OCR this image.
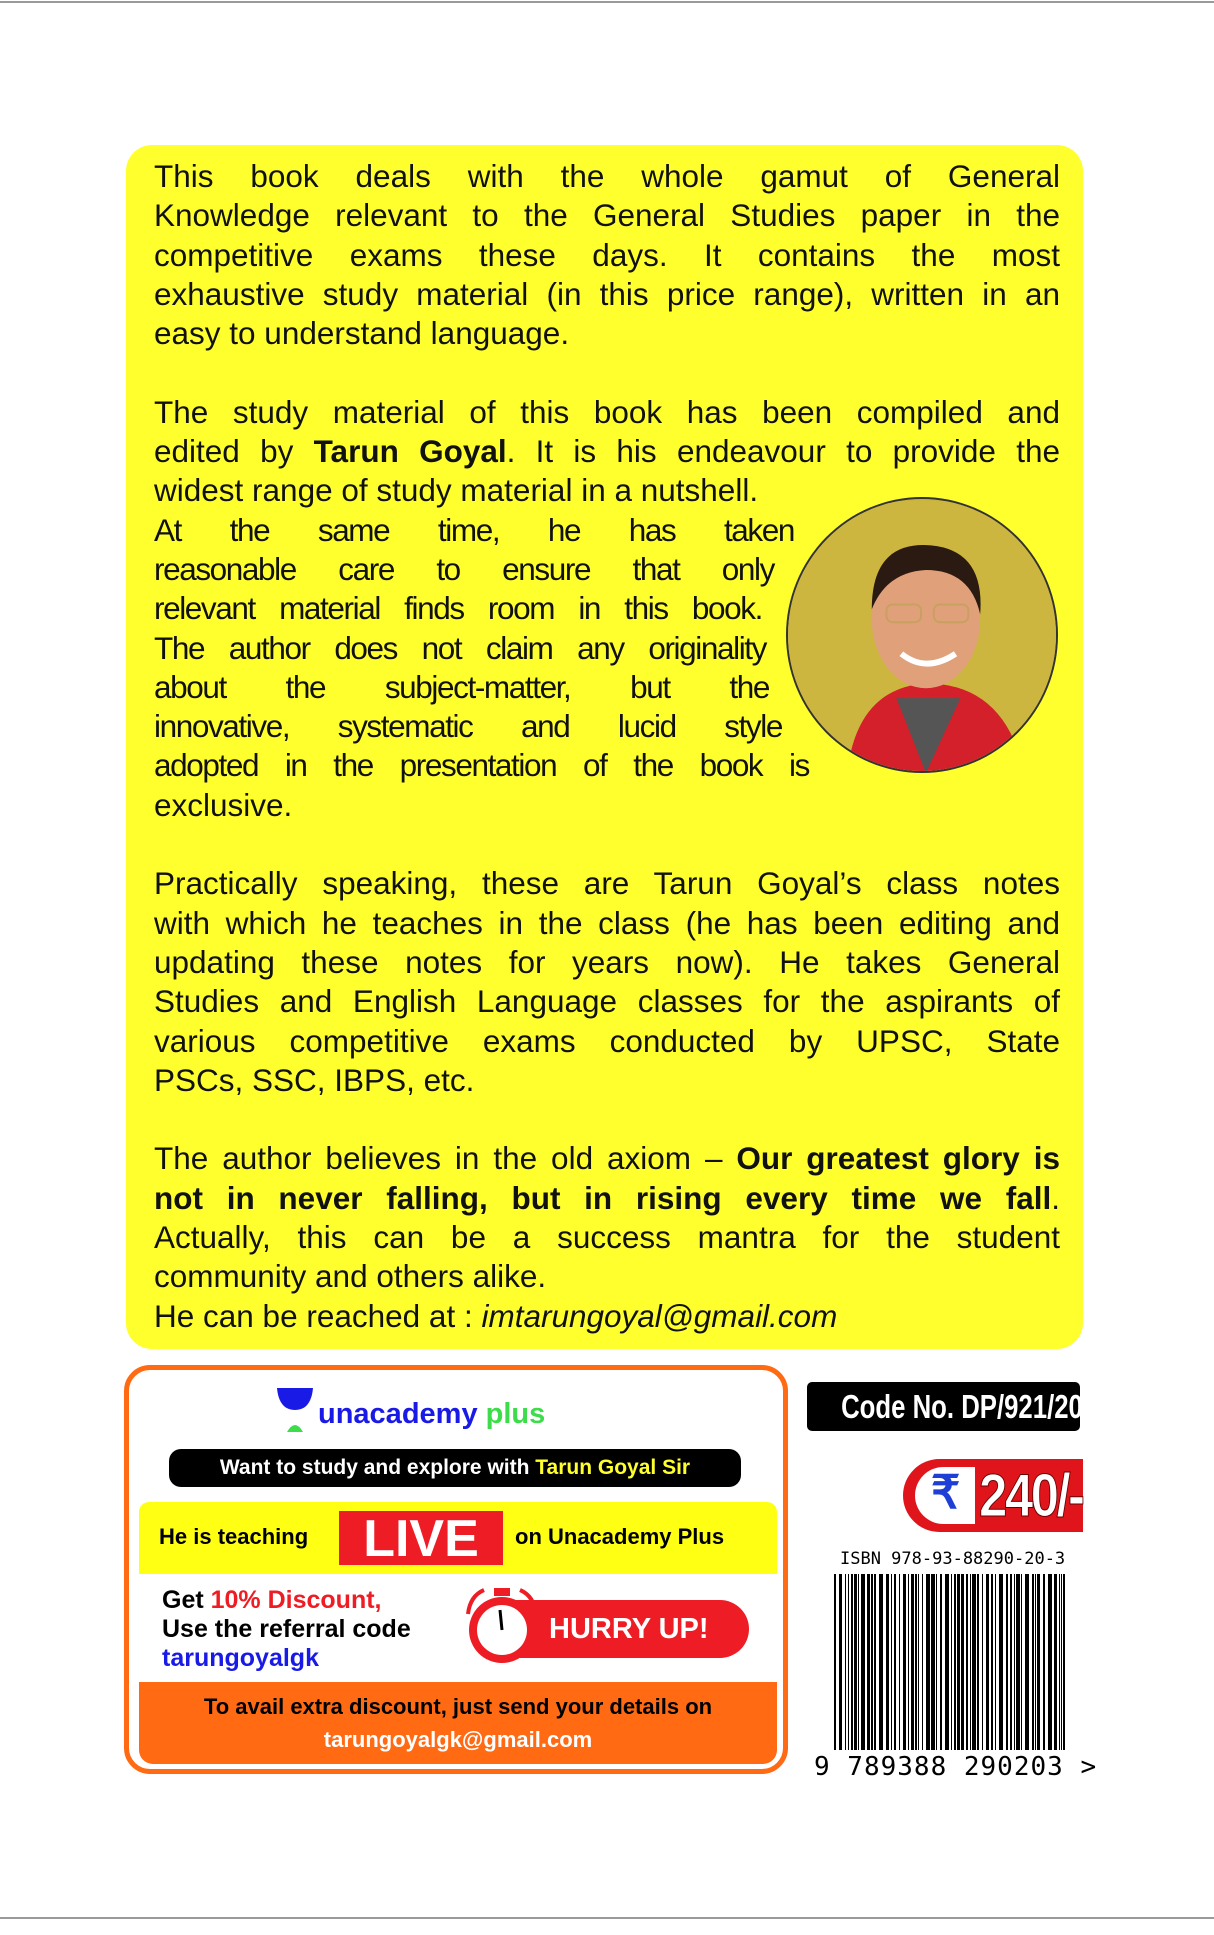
This book deals with the whole gamut of General
Knowledge relevant to the General Studies paper in the
competitive exams these days. It contains the most
exhaustive study material (in this price range), written in an
easy to understand language.

The study material of this book has been compiled and
edited by Tarun Goyal. It is his endeavour to provide the
widest range of study material in a nutshell.
At the same time, he has taken
reasonable care to ensure that only
relevant material finds room in this book.
The author does not claim any originality
about the subject-matter, but the
innovative, systematic and lucid style
adopted in the presentation of the book is
exclusive.

Practically speaking, these are Tarun Goyal’s class notes
with which he teaches in the class (he has been editing and
updating these notes for years now). He takes General
Studies and English Language classes for the aspirants of
various competitive exams conducted by UPSC, State
PSCs, SSC, IBPS, etc.

The author believes in the old axiom – Our greatest glory is
not in never falling, but in rising every time we fall.
Actually, this can be a success mantra for the student
community and others alike.
He can be reached at : imtarungoyal@gmail.com
unacademy plus
Want to study and explore with Tarun Goyal Sir
He is teaching	LIVE	on Unacademy Plus
Get 10% Discount,
Use the referral code
tarungoyalgk
HURRY UP!
To avail extra discount, just send your details on
tarungoyalgk@gmail.com
Code No. DP/921/20
₹ 240/-
ISBN 978-93-88290-20-3
9 789388 290203 >
